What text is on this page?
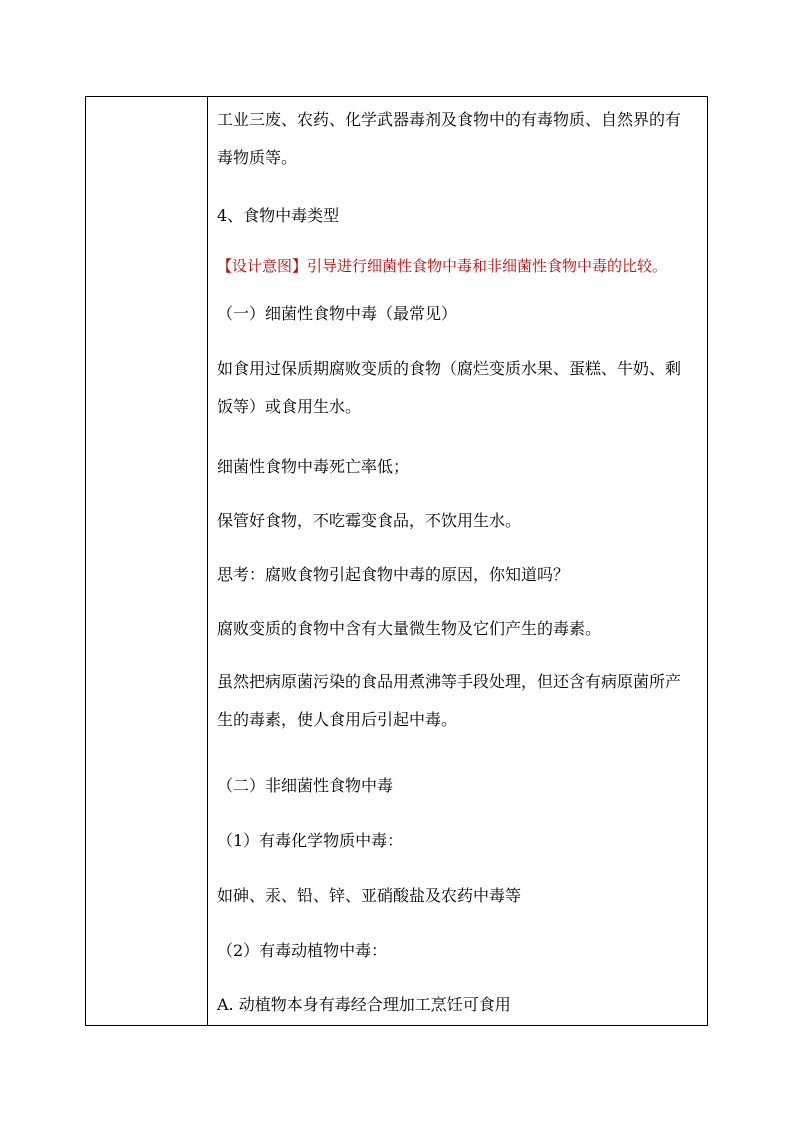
工业三废、农药、化学武器毒剂及食物中的有毒物质、自然界的有毒物质等。
4、食物中毒类型
【设计意图】引导进行细菌性食物中毒和非细菌性食物中毒的比较。
（一）细菌性食物中毒（最常见）
如食用过保质期腐败变质的食物（腐烂变质水果、蛋糕、牛奶、剩饭等）或食用生水。
细菌性食物中毒死亡率低；
保管好食物，不吃霉变食品，不饮用生水。
思考：腐败食物引起食物中毒的原因，你知道吗？
腐败变质的食物中含有大量微生物及它们产生的毒素。
虽然把病原菌污染的食品用煮沸等手段处理，但还含有病原菌所产生的毒素，使人食用后引起中毒。
（二）非细菌性食物中毒
（1）有毒化学物质中毒：
如砷、汞、铅、锌、亚硝酸盐及农药中毒等
（2）有毒动植物中毒：
A. 动植物本身有毒经合理加工烹饪可食用
